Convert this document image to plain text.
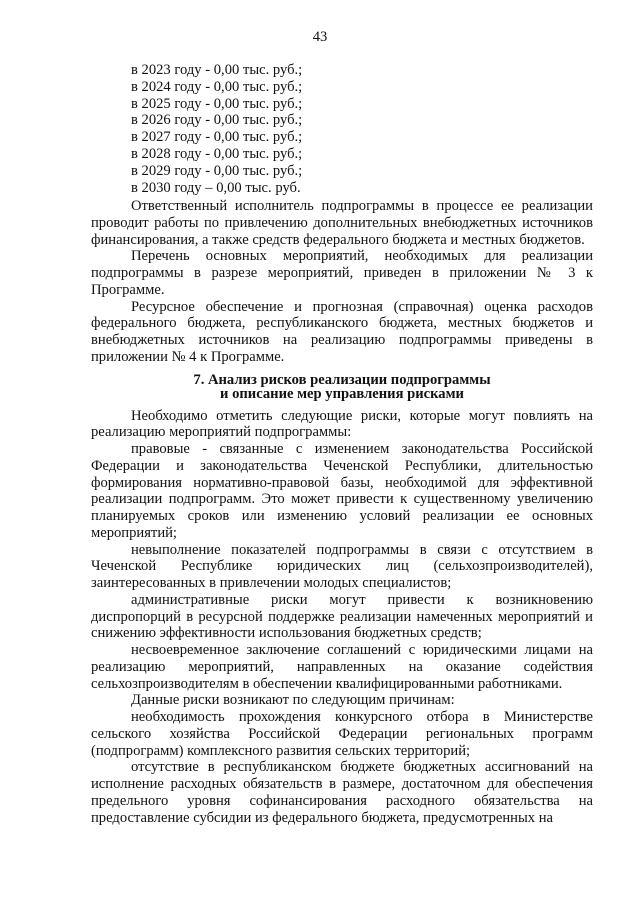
43
в 2023 году - 0,00 тыс. руб.;
в 2024 году - 0,00 тыс. руб.;
в 2025 году - 0,00 тыс. руб.;
в 2026 году - 0,00 тыс. руб.;
в 2027 году - 0,00 тыс. руб.;
в 2028 году - 0,00 тыс. руб.;
в 2029 году - 0,00 тыс. руб.;
в 2030 году – 0,00 тыс. руб.

Ответственный исполнитель подпрограммы в процессе ее реализации проводит работы по привлечению дополнительных внебюджетных источников финансирования, а также средств федерального бюджета и местных бюджетов.

Перечень основных мероприятий, необходимых для реализации подпрограммы в разрезе мероприятий, приведен в приложении № 3 к Программе.

Ресурсное обеспечение и прогнозная (справочная) оценка расходов федерального бюджета, республиканского бюджета, местных бюджетов и внебюджетных источников на реализацию подпрограммы приведены в приложении № 4 к Программе.

7. Анализ рисков реализации подпрограммы
и описание мер управления рисками

Необходимо отметить следующие риски, которые могут повлиять на реализацию мероприятий подпрограммы:

правовые - связанные с изменением законодательства Российской Федерации и законодательства Чеченской Республики, длительностью формирования нормативно-правовой базы, необходимой для эффективной реализации подпрограмм. Это может привести к существенному увеличению планируемых сроков или изменению условий реализации ее основных мероприятий;

невыполнение показателей подпрограммы в связи с отсутствием в Чеченской Республике юридических лиц (сельхозпроизводителей), заинтересованных в привлечении молодых специалистов;

административные риски могут привести к возникновению диспропорций в ресурсной поддержке реализации намеченных мероприятий и снижению эффективности использования бюджетных средств;

несвоевременное заключение соглашений с юридическими лицами на реализацию мероприятий, направленных на оказание содействия сельхозпроизводителям в обеспечении квалифицированными работниками.

Данные риски возникают по следующим причинам:

необходимость прохождения конкурсного отбора в Министерстве сельского хозяйства Российской Федерации региональных программ (подпрограмм) комплексного развития сельских территорий;

отсутствие в республиканском бюджете бюджетных ассигнований на исполнение расходных обязательств в размере, достаточном для обеспечения предельного уровня софинансирования расходного обязательства на предоставление субсидии из федерального бюджета, предусмотренных на
